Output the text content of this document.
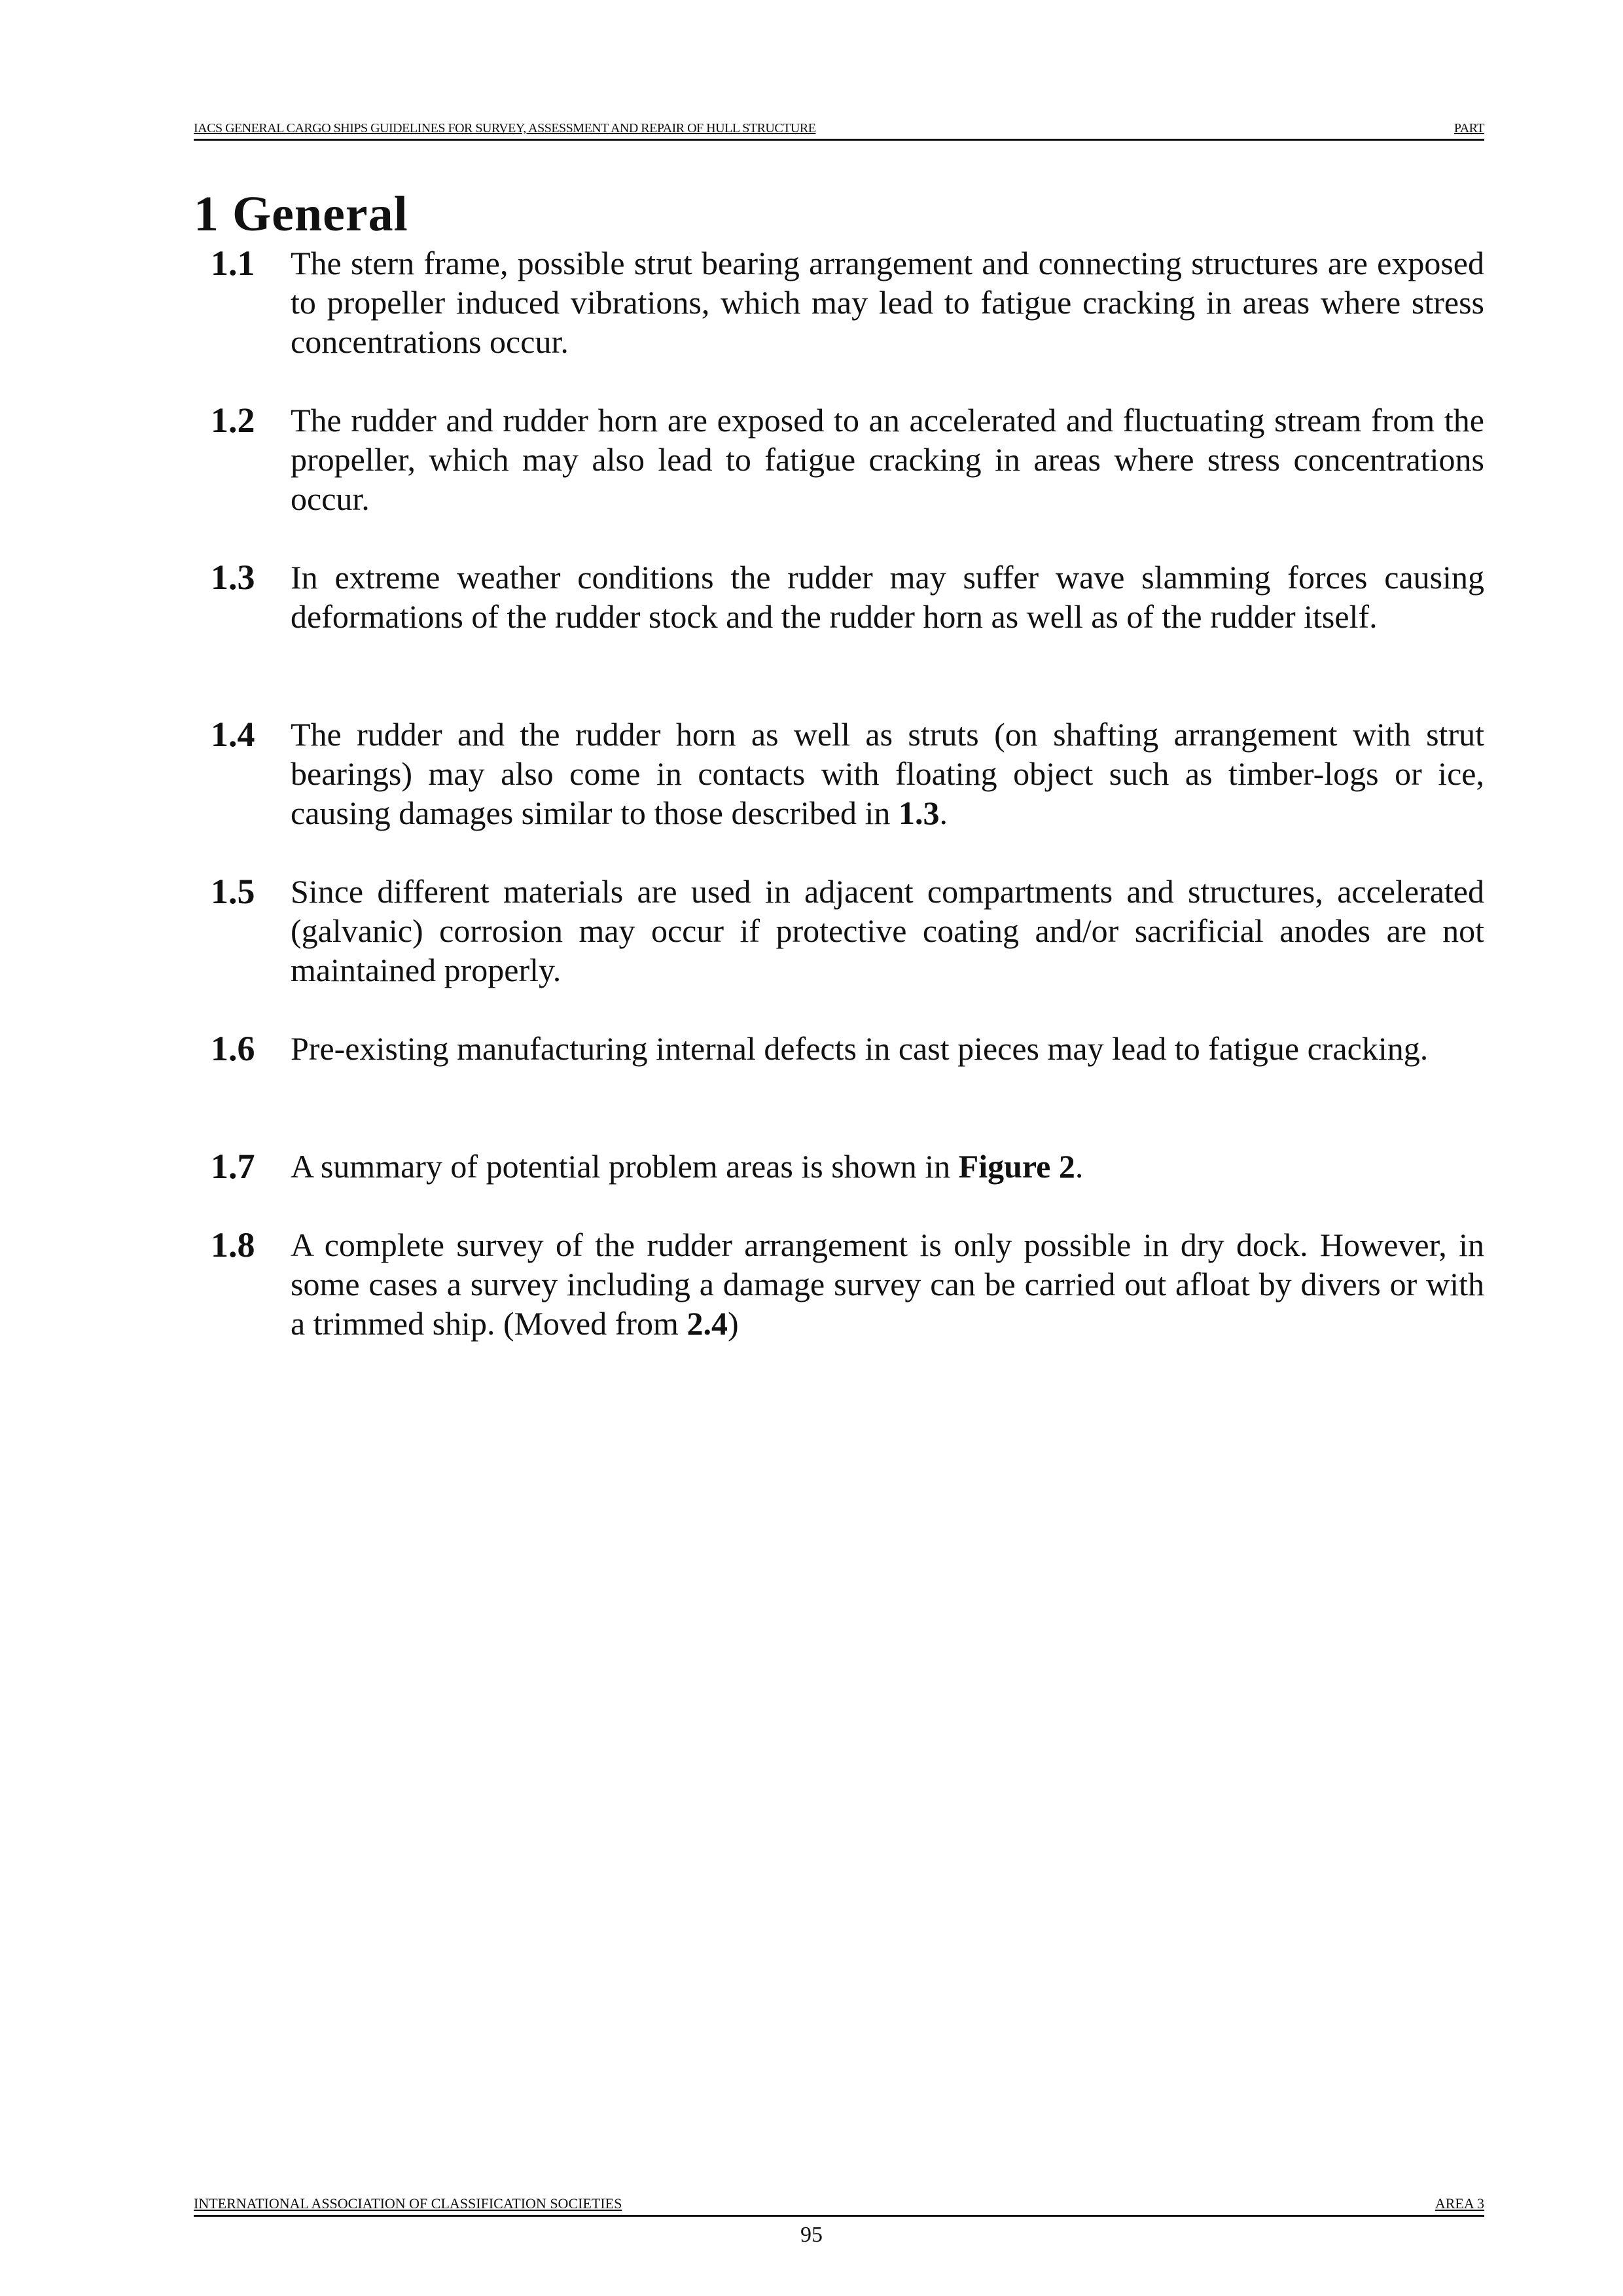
IACS GENERAL CARGO SHIPS GUIDELINES FOR SURVEY, ASSESSMENT AND REPAIR OF HULL STRUCTURE	PART
1 General
1.1 The stern frame, possible strut bearing arrangement and connecting structures are exposed to propeller induced vibrations, which may lead to fatigue cracking in areas where stress concentrations occur.
1.2 The rudder and rudder horn are exposed to an accelerated and fluctuating stream from the propeller, which may also lead to fatigue cracking in areas where stress concentrations occur.
1.3 In extreme weather conditions the rudder may suffer wave slamming forces causing deformations of the rudder stock and the rudder horn as well as of the rudder itself.
1.4 The rudder and the rudder horn as well as struts (on shafting arrangement with strut bearings) may also come in contacts with floating object such as timber-logs or ice, causing damages similar to those described in 1.3.
1.5 Since different materials are used in adjacent compartments and structures, accelerated (galvanic) corrosion may occur if protective coating and/or sacrificial anodes are not maintained properly.
1.6 Pre-existing manufacturing internal defects in cast pieces may lead to fatigue cracking.
1.7 A summary of potential problem areas is shown in Figure 2.
1.8 A complete survey of the rudder arrangement is only possible in dry dock. However, in some cases a survey including a damage survey can be carried out afloat by divers or with a trimmed ship. (Moved from 2.4)
INTERNATIONAL ASSOCIATION OF CLASSIFICATION SOCIETIES	AREA 3
95
